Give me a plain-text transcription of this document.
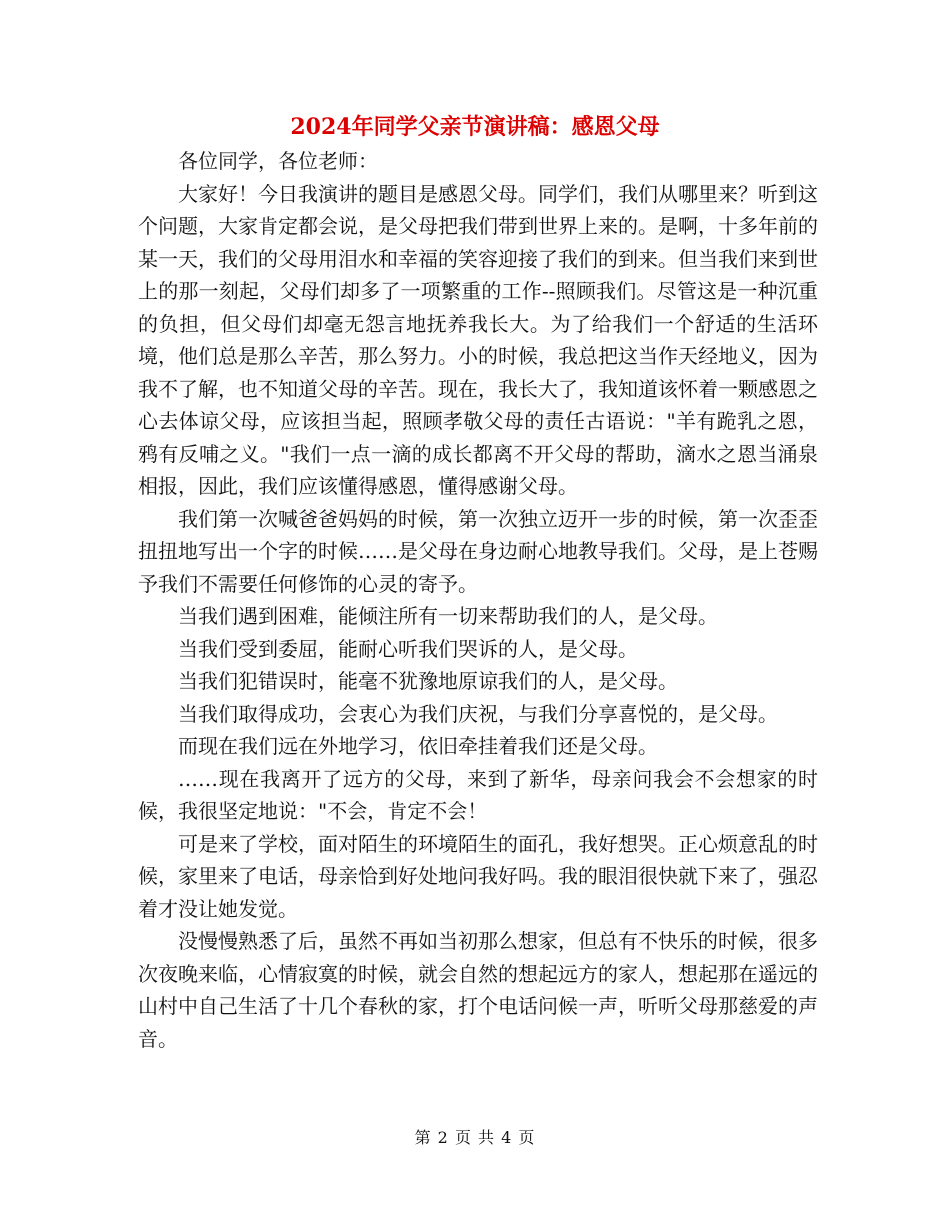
2024年同学父亲节演讲稿：感恩父母

各位同学，各位老师：

大家好！今日我演讲的题目是感恩父母。同学们，我们从哪里来？听到这个问题，大家肯定都会说，是父母把我们带到世界上来的。是啊，十多年前的某一天，我们的父母用泪水和幸福的笑容迎接了我们的到来。但当我们来到世上的那一刻起，父母们却多了一项繁重的工作--照顾我们。尽管这是一种沉重的负担，但父母们却毫无怨言地抚养我长大。为了给我们一个舒适的生活环境，他们总是那么辛苦，那么努力。小的时候，我总把这当作天经地义，因为我不了解，也不知道父母的辛苦。现在，我长大了，我知道该怀着一颗感恩之心去体谅父母，应该担当起，照顾孝敬父母的责任古语说："羊有跪乳之恩，鸦有反哺之义。"我们一点一滴的成长都离不开父母的帮助，滴水之恩当涌泉相报，因此，我们应该懂得感恩，懂得感谢父母。

我们第一次喊爸爸妈妈的时候，第一次独立迈开一步的时候，第一次歪歪扭扭地写出一个字的时候……是父母在身边耐心地教导我们。父母，是上苍赐予我们不需要任何修饰的心灵的寄予。

当我们遇到困难，能倾注所有一切来帮助我们的人，是父母。

当我们受到委屈，能耐心听我们哭诉的人，是父母。

当我们犯错误时，能毫不犹豫地原谅我们的人，是父母。

当我们取得成功，会衷心为我们庆祝，与我们分享喜悦的，是父母。

而现在我们远在外地学习，依旧牵挂着我们还是父母。

……现在我离开了远方的父母，来到了新华，母亲问我会不会想家的时候，我很坚定地说："不会，肯定不会！

可是来了学校，面对陌生的环境陌生的面孔，我好想哭。正心烦意乱的时候，家里来了电话，母亲恰到好处地问我好吗。我的眼泪很快就下来了，强忍着才没让她发觉。

没慢慢熟悉了后，虽然不再如当初那么想家，但总有不快乐的时候，很多次夜晚来临，心情寂寞的时候，就会自然的想起远方的家人，想起那在遥远的山村中自己生活了十几个春秋的家，打个电话问候一声，听听父母那慈爱的声音。

第 2 页 共 4 页
